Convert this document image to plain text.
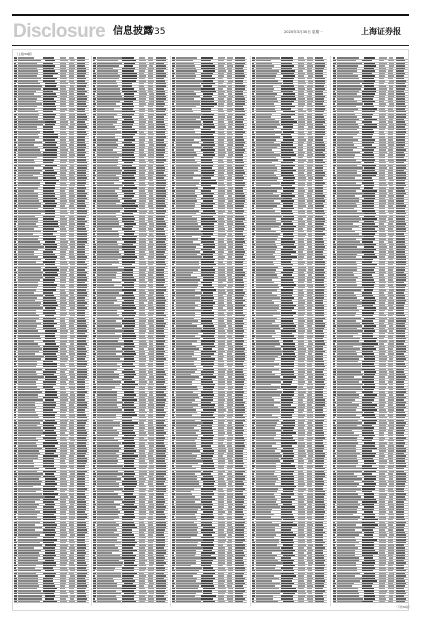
Disclosure 信息披露
/35	2020年3月30日 星期一	上海证券报
（上接34版）
（下转36版）
